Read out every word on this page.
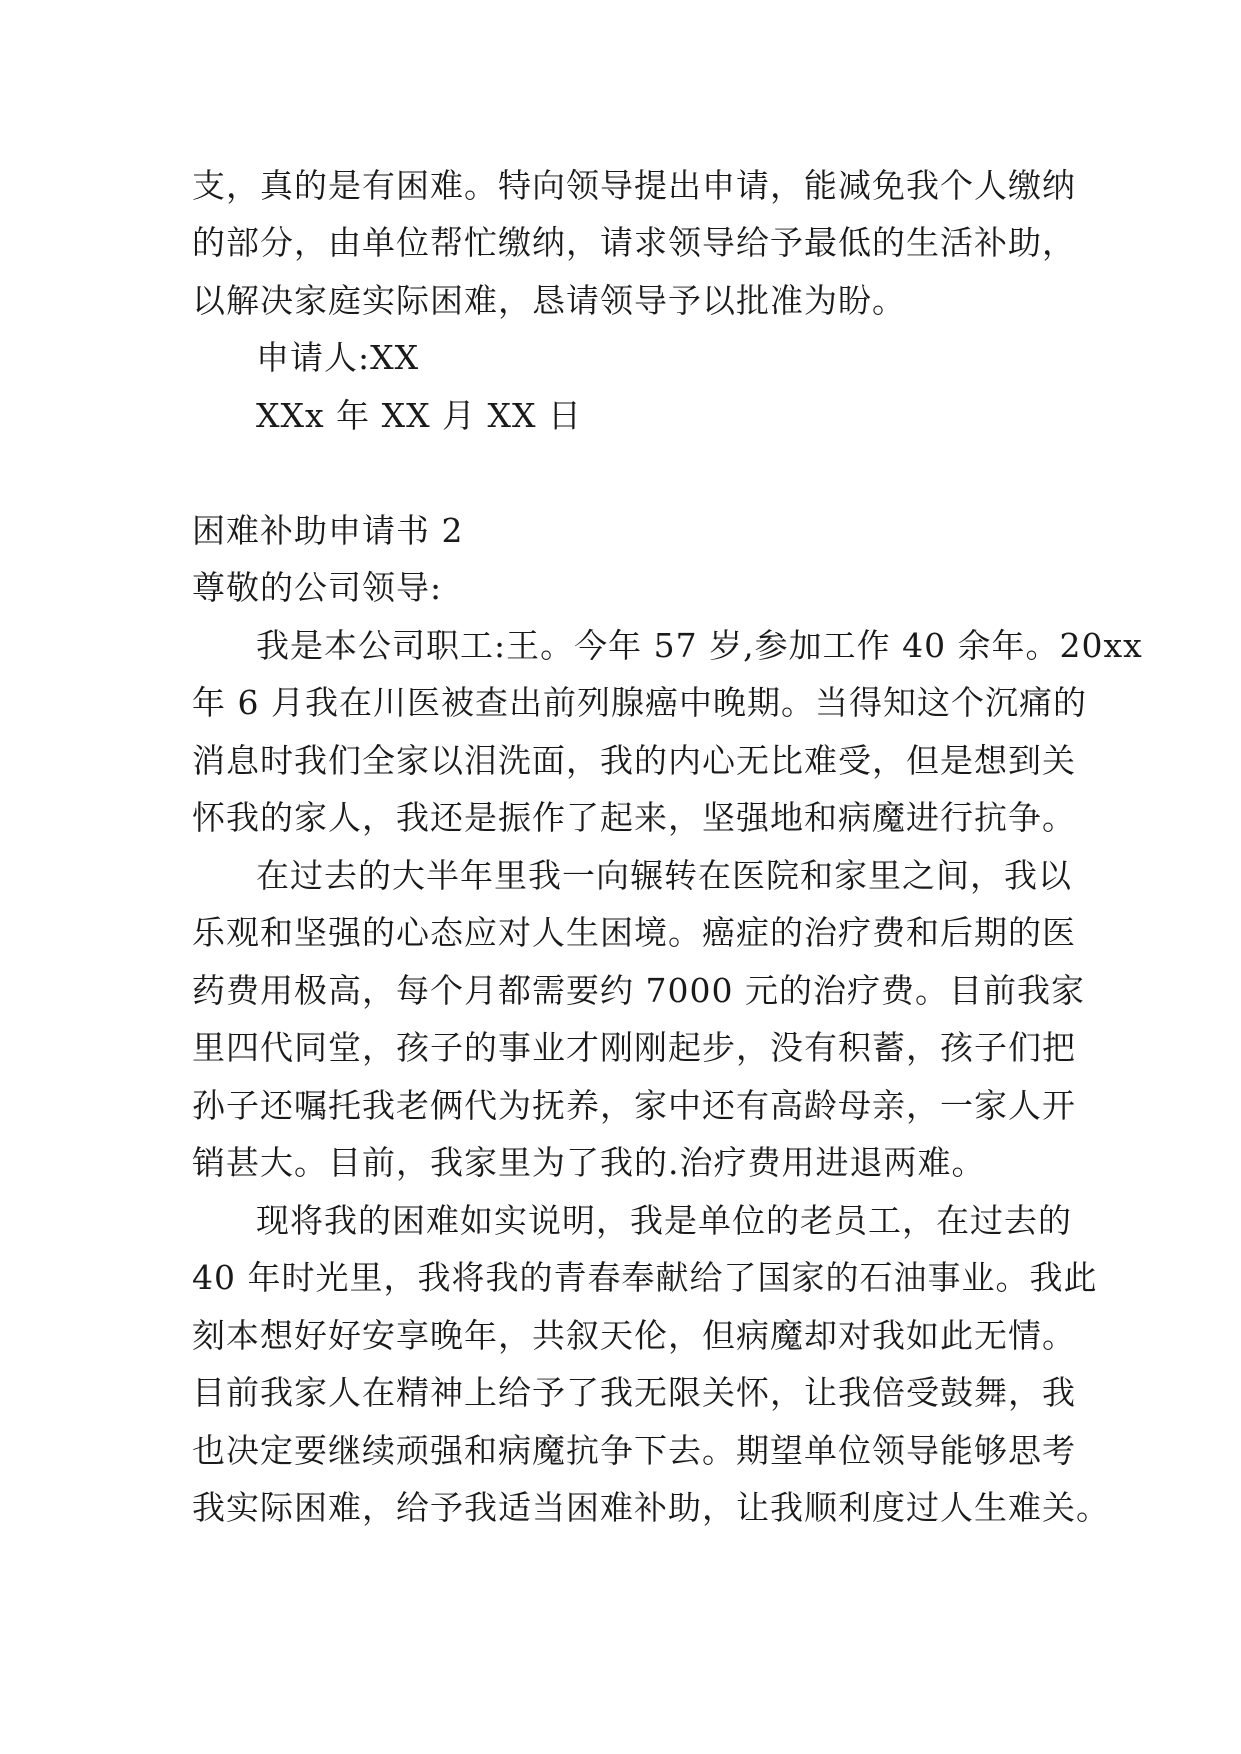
支，真的是有困难。特向领导提出申请，能减免我个人缴纳
的部分，由单位帮忙缴纳，请求领导给予最低的生活补助，
以解决家庭实际困难，恳请领导予以批准为盼。
申请人:XX
XXx 年 XX 月 XX 日
困难补助申请书 2
尊敬的公司领导:
我是本公司职工:王。今年 57 岁,参加工作 40 余年。20xx
年 6 月我在川医被查出前列腺癌中晚期。当得知这个沉痛的
消息时我们全家以泪洗面，我的内心无比难受，但是想到关
怀我的家人，我还是振作了起来，坚强地和病魔进行抗争。
在过去的大半年里我一向辗转在医院和家里之间，我以
乐观和坚强的心态应对人生困境。癌症的治疗费和后期的医
药费用极高，每个月都需要约 7000 元的治疗费。目前我家
里四代同堂，孩子的事业才刚刚起步，没有积蓄，孩子们把
孙子还嘱托我老俩代为抚养，家中还有高龄母亲，一家人开
销甚大。目前，我家里为了我的.治疗费用进退两难。
现将我的困难如实说明，我是单位的老员工，在过去的
40 年时光里，我将我的青春奉献给了国家的石油事业。我此
刻本想好好安享晚年，共叙天伦，但病魔却对我如此无情。
目前我家人在精神上给予了我无限关怀，让我倍受鼓舞，我
也决定要继续顽强和病魔抗争下去。期望单位领导能够思考
我实际困难，给予我适当困难补助，让我顺利度过人生难关。
